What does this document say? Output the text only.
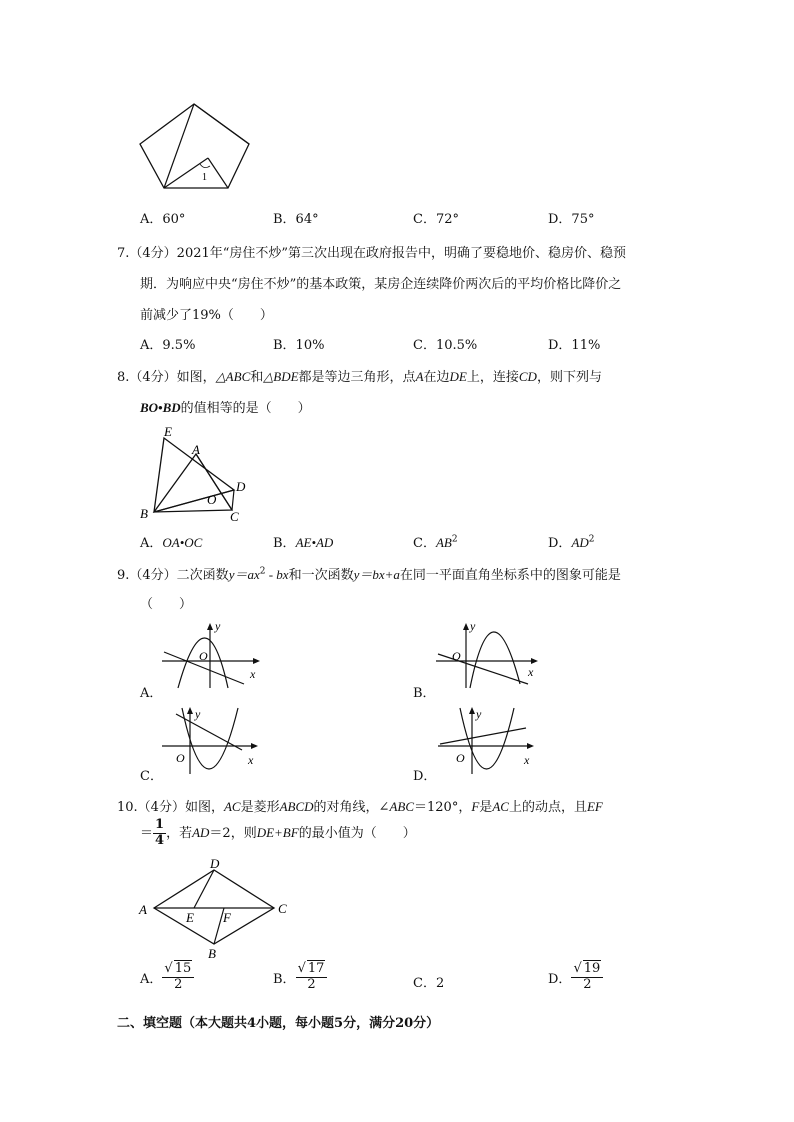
1
A．60°	B．64°	C．72°	D．75°
7.（4分）2021年“房住不炒”第三次出现在政府报告中，明确了要稳地价、稳房价、稳预
期．为响应中央“房住不炒”的基本政策，某房企连续降价两次后的平均价格比降价之
前减少了19%（　　）
A．9.5%	B．10%	C．10.5%	D．11%
8.（4分）如图，△ABC和△BDE都是等边三角形，点A在边DE上，连接CD，则下列与
BO•BD的值相等的是（　　）
E
A
D
O
B	C
A．OA•OC	B．AE•AD	C．$AB^2$	D．$AD^2$
9.（4分）二次函数$y=ax^2$ - bx和一次函数y＝bx+a在同一平面直角坐标系中的图象可能是
（　　）
A．
y
x
O
B．
y
x
O
C．
y
x
O
D．
y
x
O
10.（4分）如图，AC是菱形ABCD的对角线，∠ABC＝120°，F是AC上的动点，且EF
＝ $\frac{1}{4}$ ，若AD＝2，则DE+BF的最小值为（　　）
D
A	C
E F
B
A． $\frac{√ 15}{2}$	B． $\frac{√ 17}{2}$	C．2	D． $\frac{√ 19}{2}$
二、填空题（本大题共4小题，每小题5分，满分20分）
